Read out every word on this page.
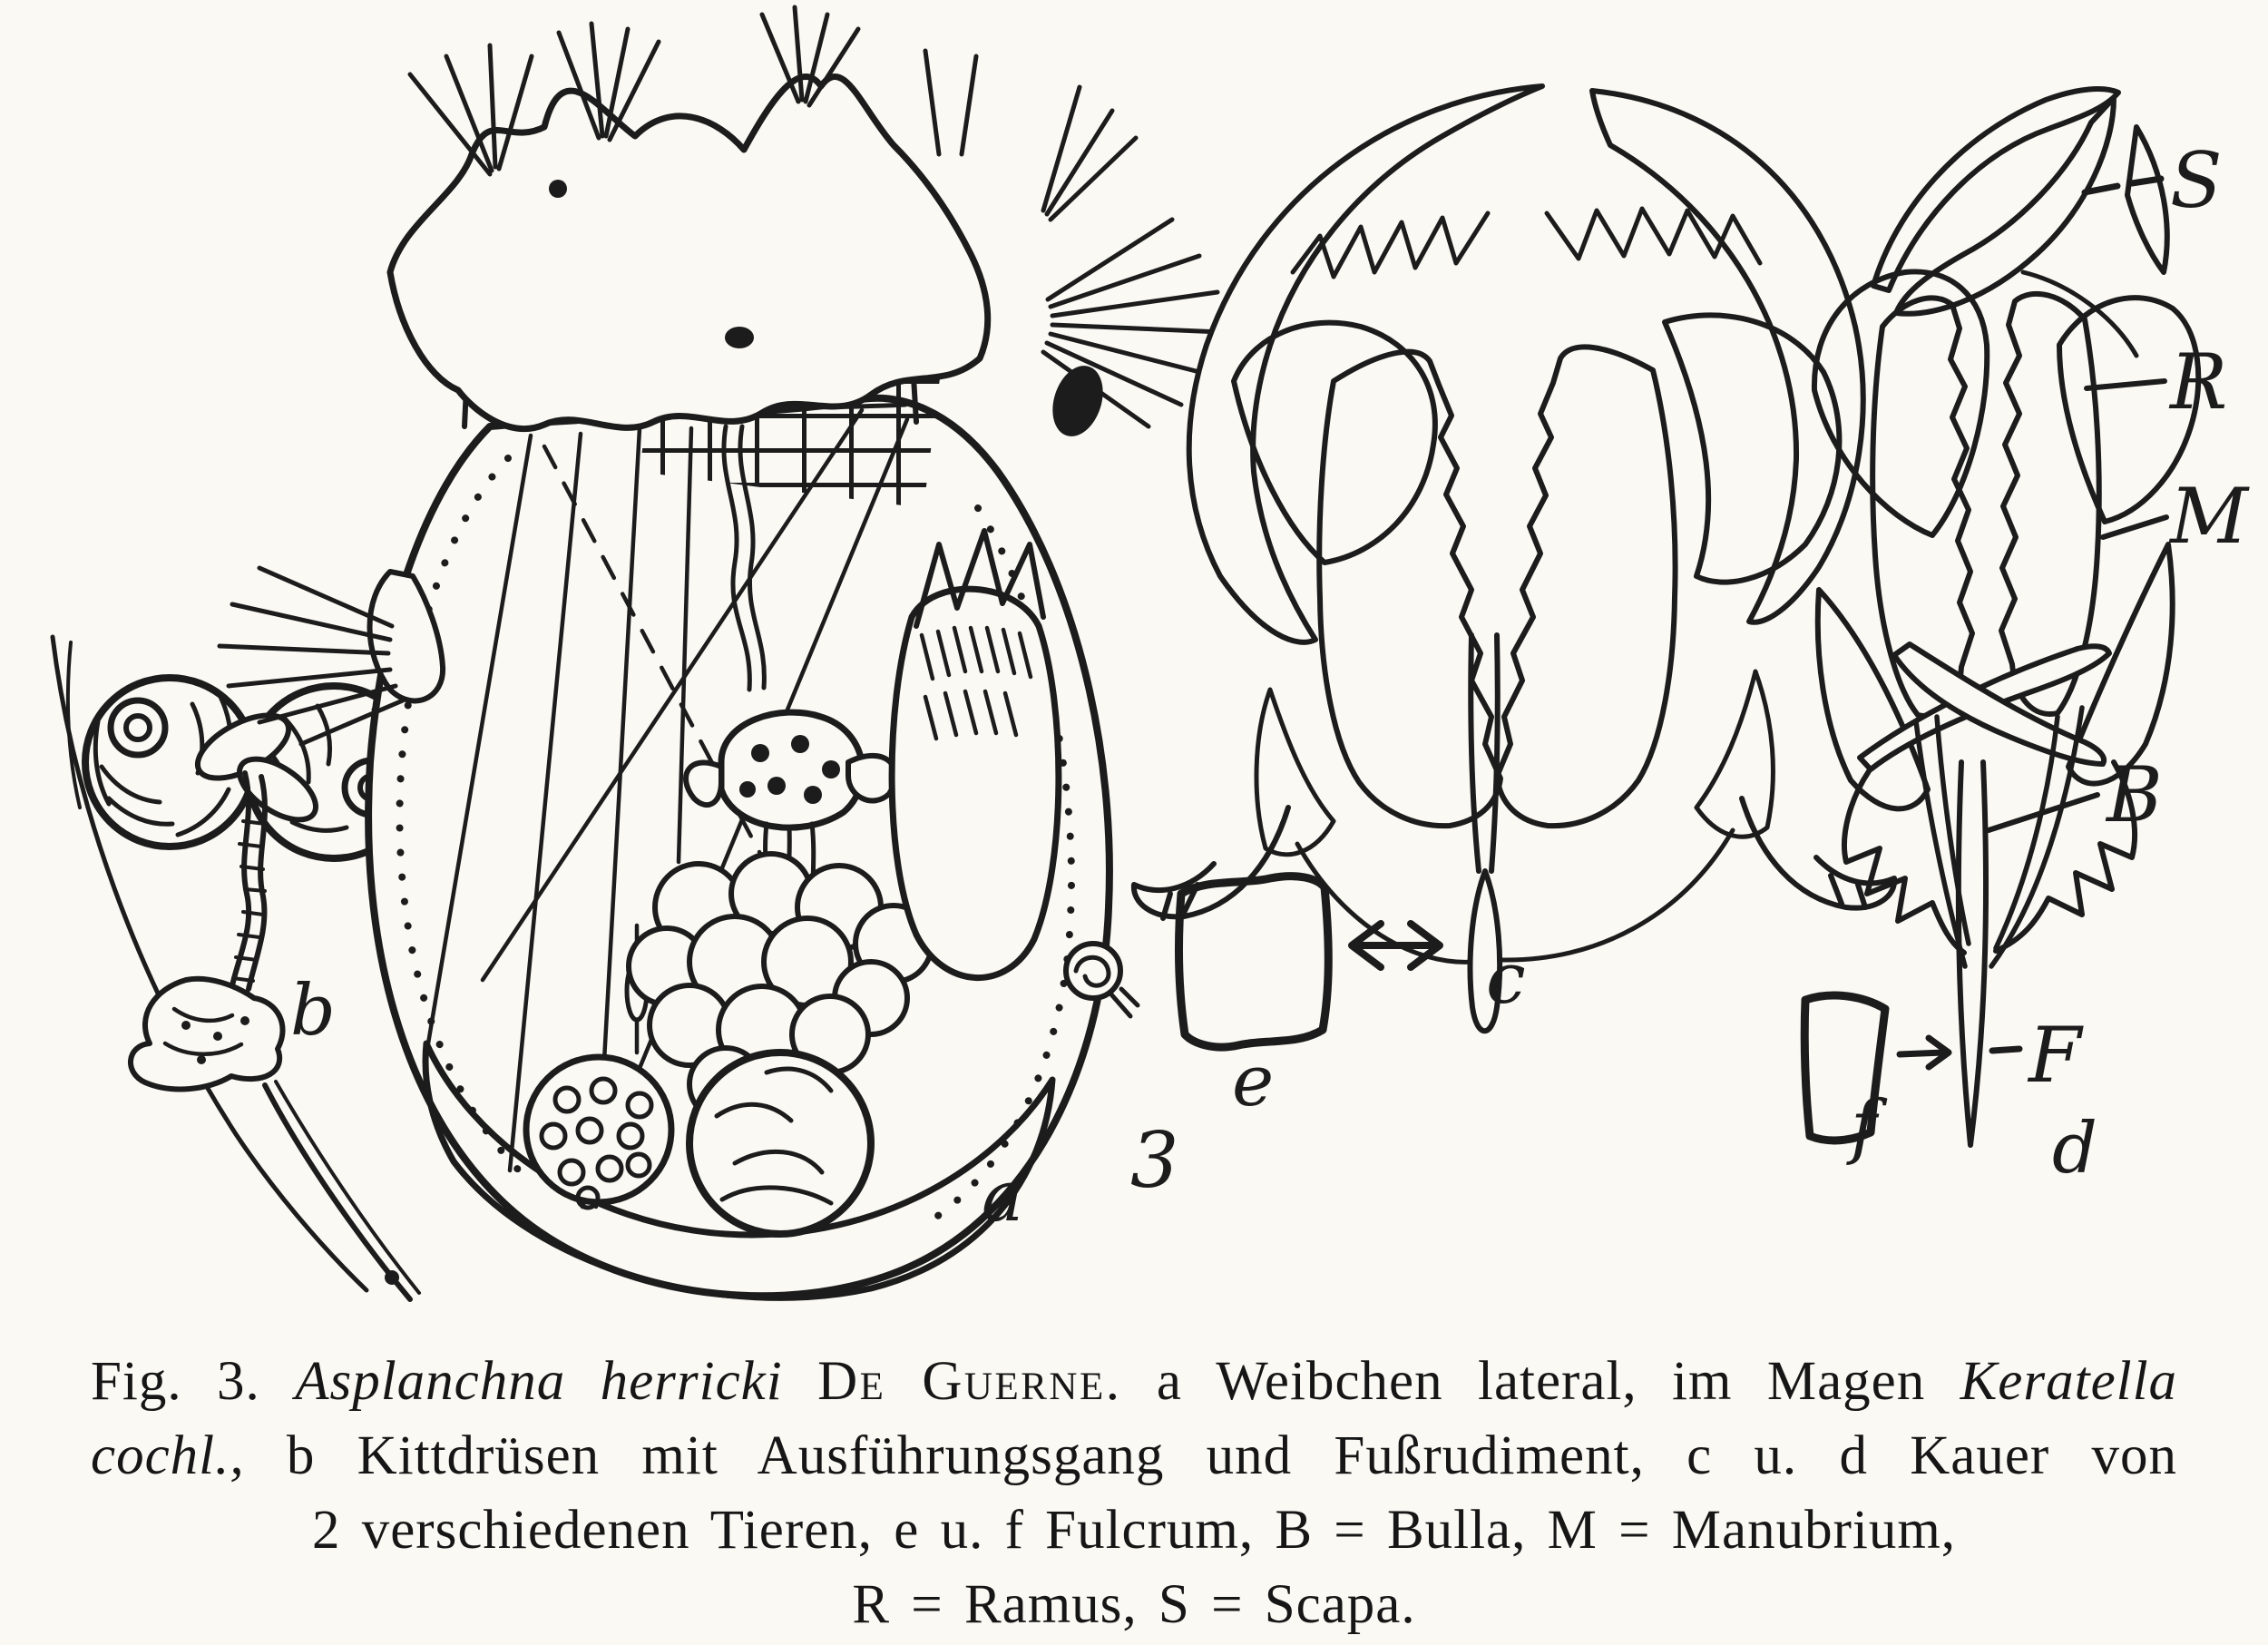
b
a 3
c
e
S
R
M
B
F
d
f

Fig. 3. Asplanchna herricki De Guerne. a Weibchen lateral, im Magen Keratella

cochl., b Kittdrüsen mit Ausführungsgang und Fußrudiment, c u. d Kauer von

2 verschiedenen Tieren, e u. f Fulcrum, B = Bulla, M = Manubrium,

R = Ramus, S = Scapa.
